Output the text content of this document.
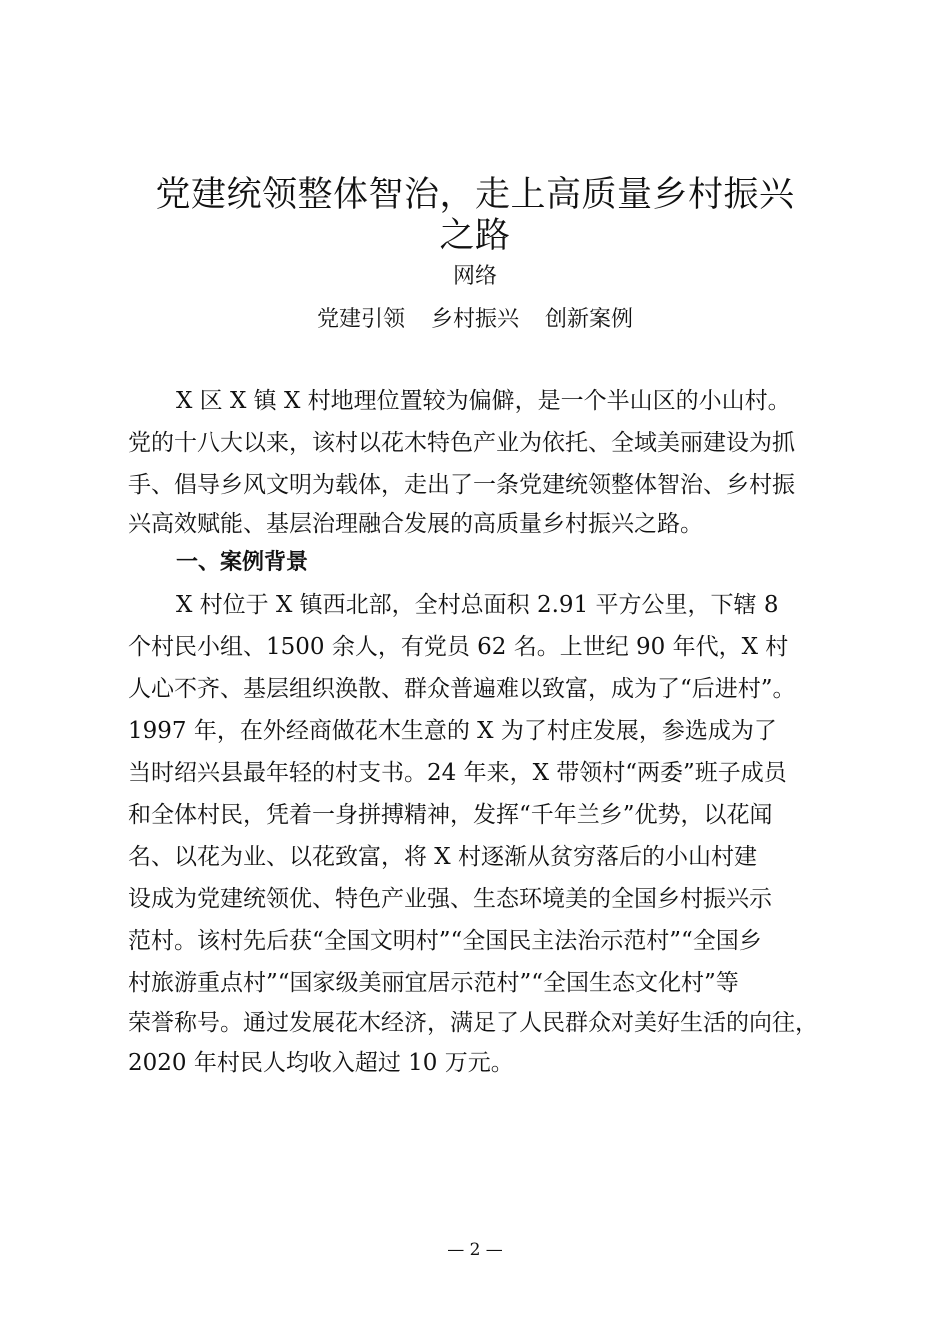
党建统领整体智治，走上高质量乡村振兴
之路
网络
党建引领 乡村振兴 创新案例
X 区 X 镇 X 村地理位置较为偏僻，是一个半山区的小山村。
党的十八大以来，该村以花木特色产业为依托、全域美丽建设为抓
手、倡导乡风文明为载体，走出了一条党建统领整体智治、乡村振
兴高效赋能、基层治理融合发展的高质量乡村振兴之路。
一、案例背景
X 村位于 X 镇西北部，全村总面积 2.91 平方公里，下辖 8
个村民小组、1500 余人，有党员 62 名。上世纪 90 年代，X 村
人心不齐、基层组织涣散、群众普遍难以致富，成为了“后进村”。
1997 年，在外经商做花木生意的 X 为了村庄发展，参选成为了
当时绍兴县最年轻的村支书。24 年来，X 带领村“两委”班子成员
和全体村民，凭着一身拼搏精神，发挥“千年兰乡”优势，以花闻
名、以花为业、以花致富，将 X 村逐渐从贫穷落后的小山村建
设成为党建统领优、特色产业强、生态环境美的全国乡村振兴示
范村。该村先后获“全国文明村”“全国民主法治示范村”“全国乡
村旅游重点村”“国家级美丽宜居示范村”“全国生态文化村”等
荣誉称号。通过发展花木经济，满足了人民群众对美好生活的向往，
2020 年村民人均收入超过 10 万元。
— 2 —
